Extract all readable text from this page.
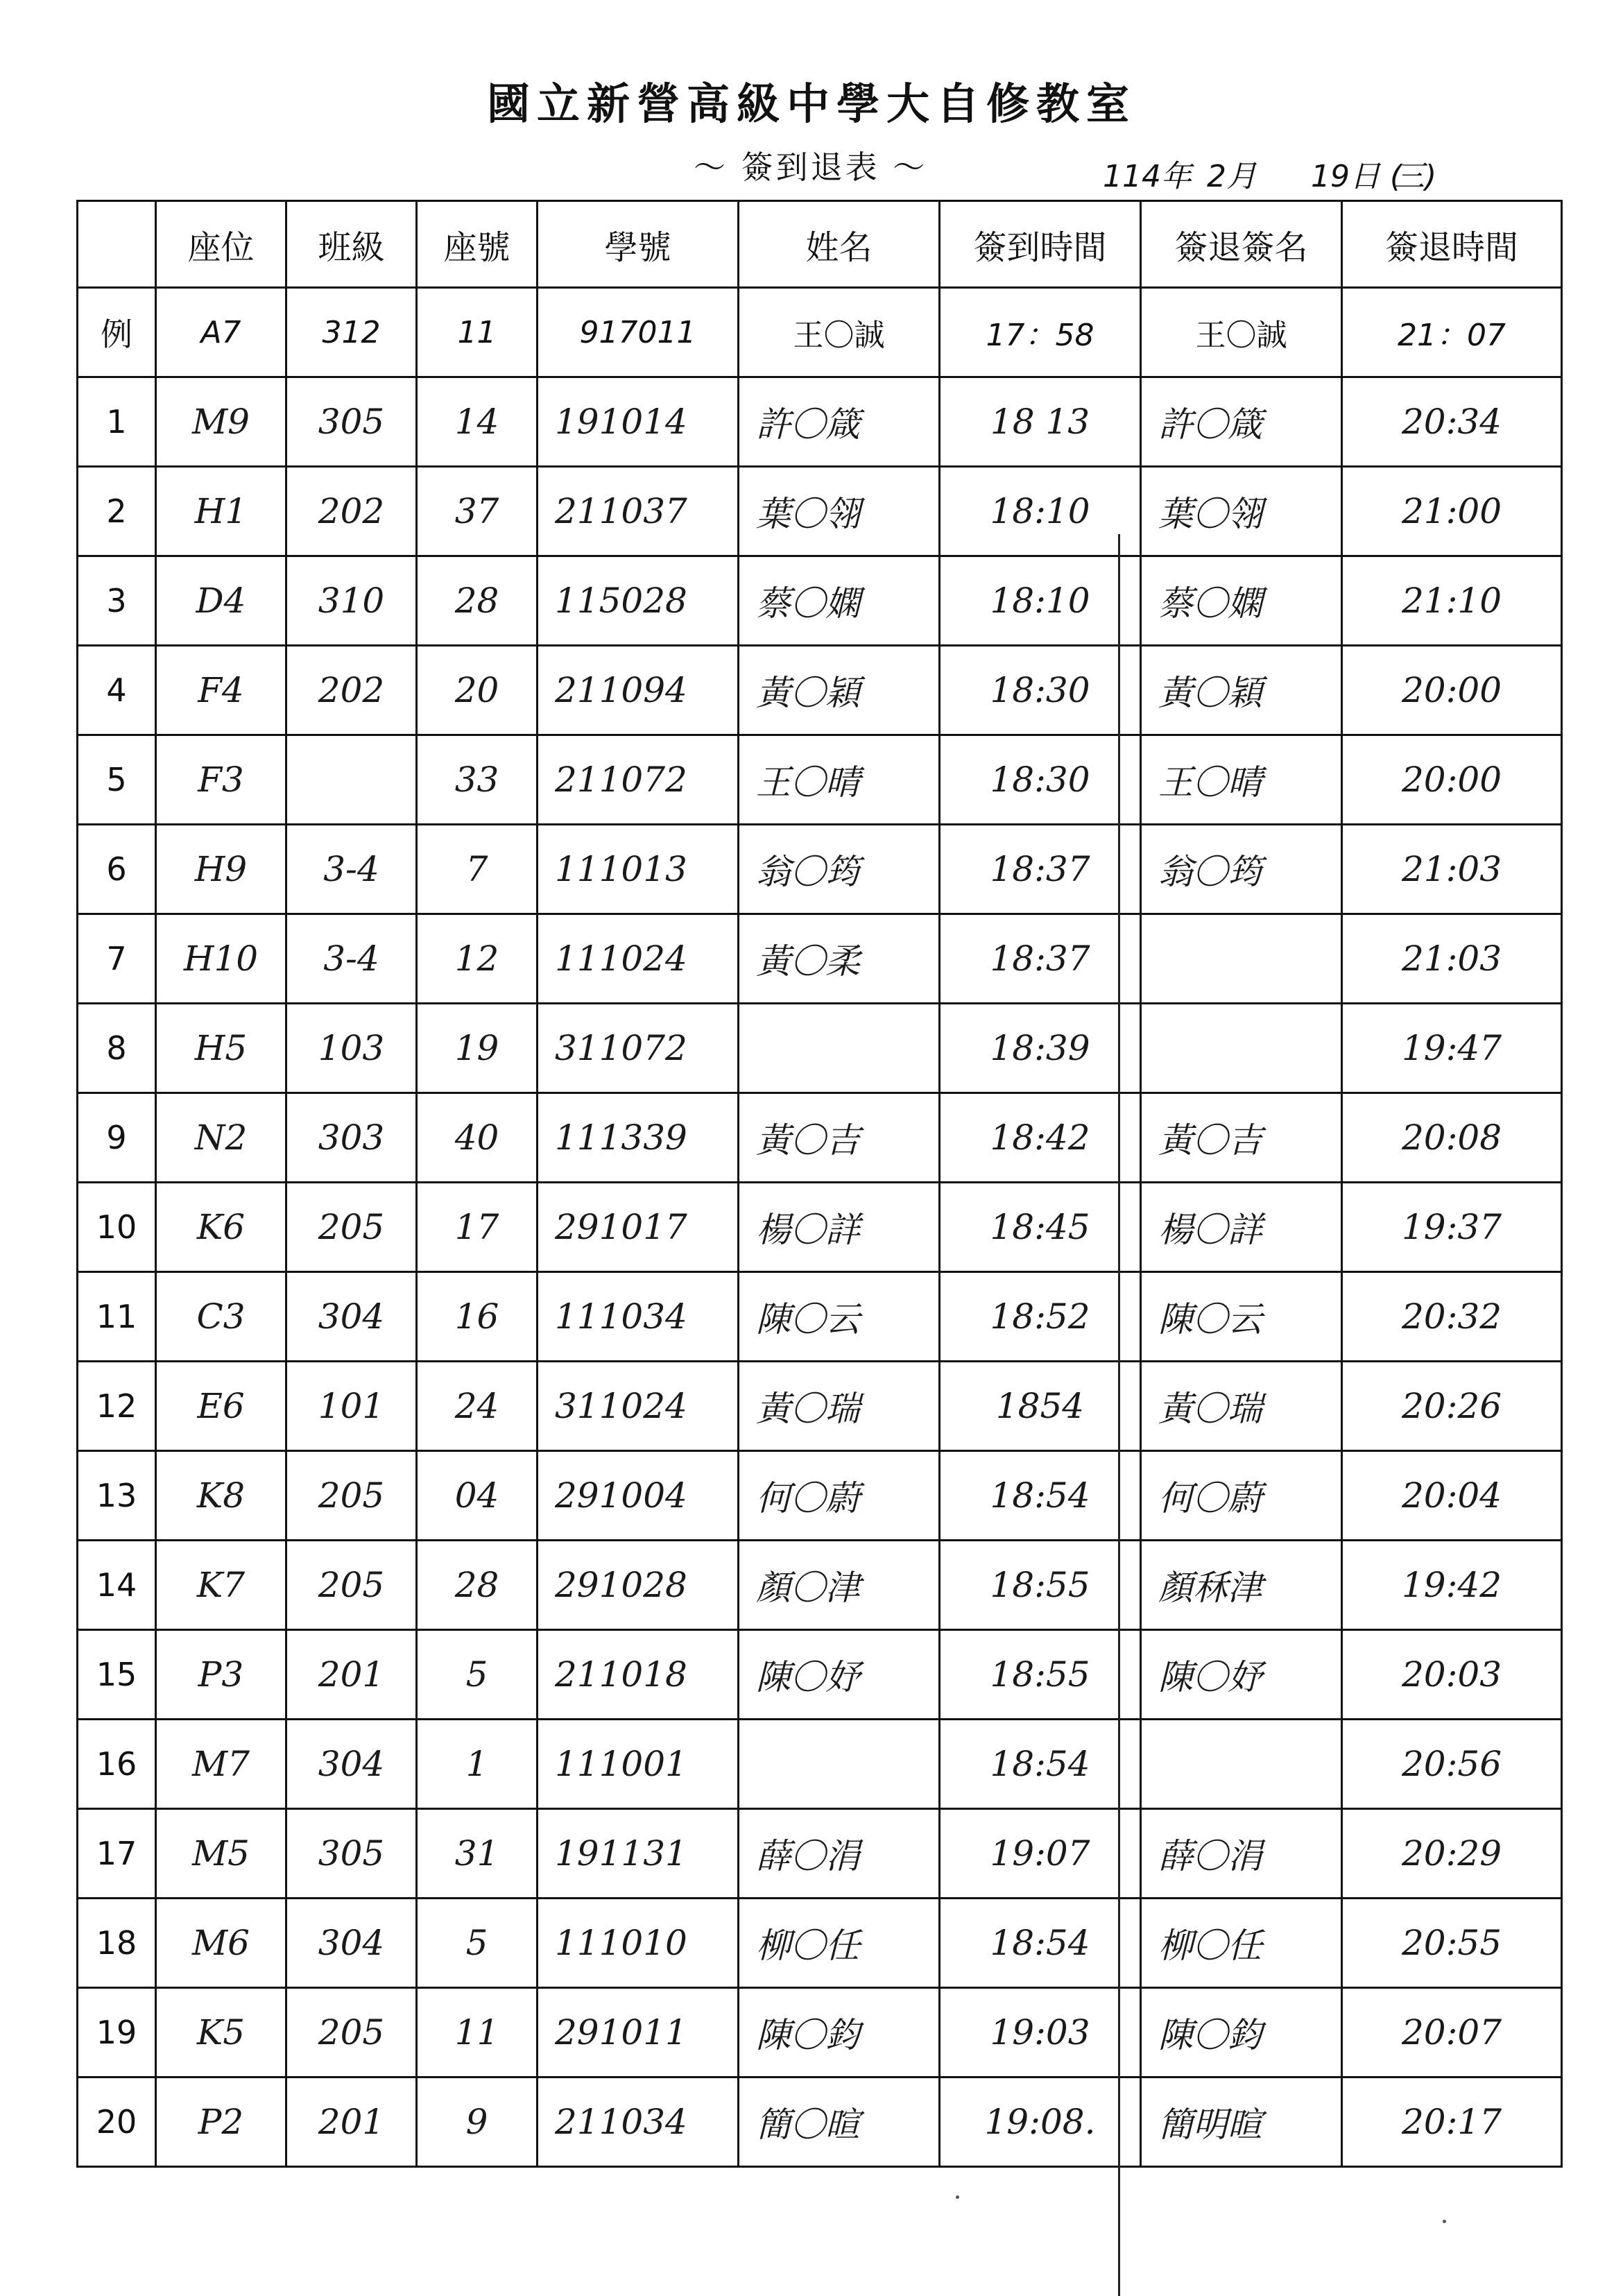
國立新營高級中學大自修教室
～ 簽到退表 ～	114年 2月 19日 (三)
	座位	班級	座號	學號	姓名	簽到時間	簽退簽名	簽退時間
例	A7	312	11	917011	王〇誠	17：58	王〇誠	21：07
1	M9	305	14	191014	許〇箴	18 13	許〇箴	20:34
2	H1	202	37	211037	葉〇翎	18:10	葉〇翎	21:00
3	D4	310	28	115028	蔡〇嫻	18:10	蔡〇嫻	21:10
4	F4	202	20	211094	黃〇穎	18:30	黃〇穎	20:00
5	F3		33	211072	王〇晴	18:30	王〇晴	20:00
6	H9	3-4	7	111013	翁〇筠	18:37	翁〇筠	21:03
7	H10	3-4	12	111024	黃〇柔	18:37		21:03
8	H5	103	19	311072		18:39		19:47
9	N2	303	40	111339	黃〇吉	18:42	黃〇吉	20:08
10	K6	205	17	291017	楊〇詳	18:45	楊〇詳	19:37
11	C3	304	16	111034	陳〇云	18:52	陳〇云	20:32
12	E6	101	24	311024	黃〇瑞	1854	黃〇瑞	20:26
13	K8	205	04	291004	何〇蔚	18:54	何〇蔚	20:04
14	K7	205	28	291028	顏〇津	18:55	顏秝津	19:42
15	P3	201	5	211018	陳〇妤	18:55	陳〇妤	20:03
16	M7	304	1	111001		18:54		20:56
17	M5	305	31	191131	薛〇涓	19:07	薛〇涓	20:29
18	M6	304	5	111010	柳〇任	18:54	柳〇任	20:55
19	K5	205	11	291011	陳〇鈞	19:03	陳〇鈞	20:07
20	P2	201	9	211034	簡〇暄	19:08.	簡明暄	20:17
